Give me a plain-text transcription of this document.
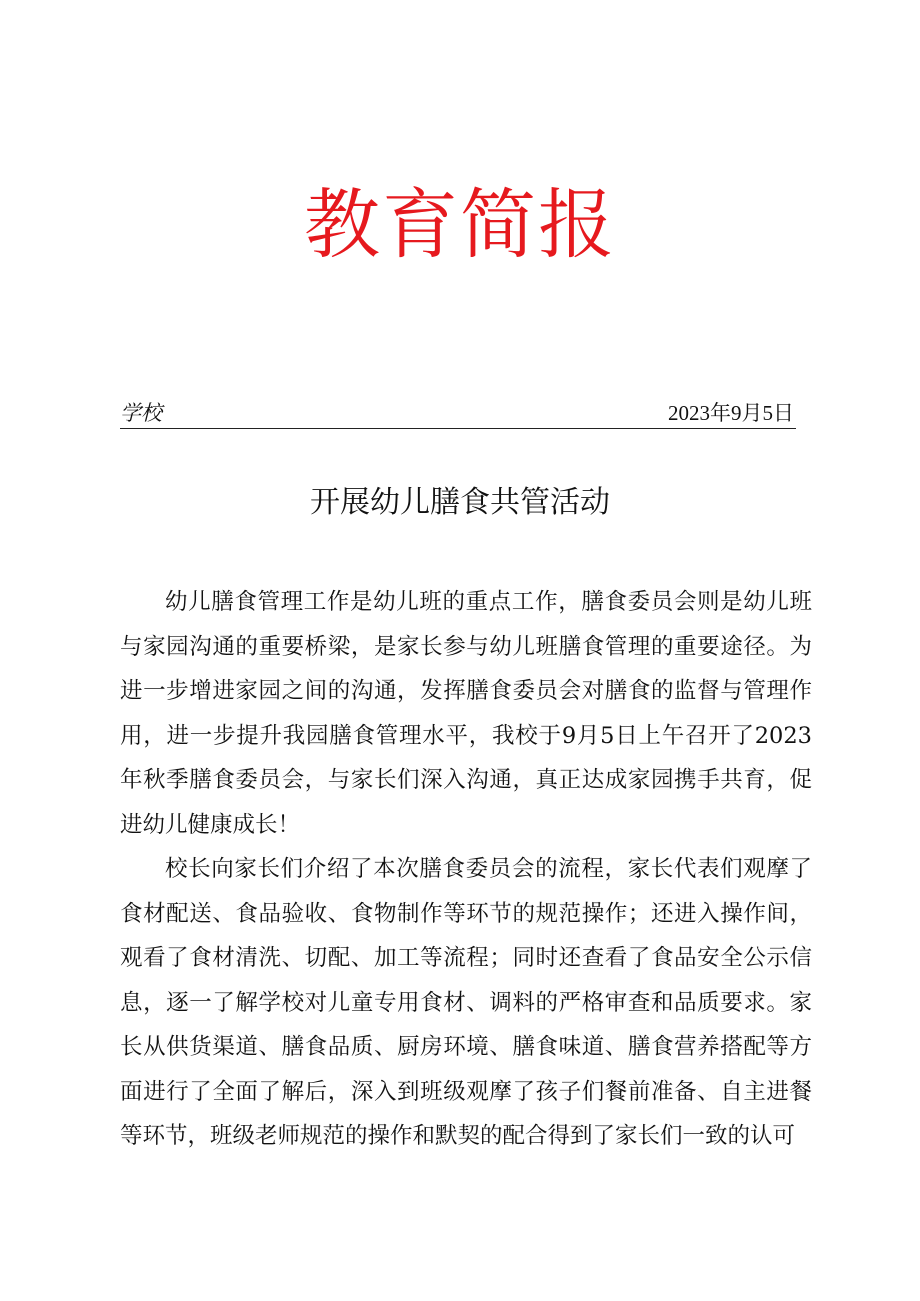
教育简报
学校	2023年9月5日
开展幼儿膳食共管活动

幼儿膳食管理工作是幼儿班的重点工作，膳食委员会则是幼儿班与家园沟通的重要桥梁，是家长参与幼儿班膳食管理的重要途径。为进一步增进家园之间的沟通，发挥膳食委员会对膳食的监督与管理作用，进一步提升我园膳食管理水平，我校于9月5日上午召开了2023年秋季膳食委员会，与家长们深入沟通，真正达成家园携手共育，促进幼儿健康成长！

校长向家长们介绍了本次膳食委员会的流程，家长代表们观摩了食材配送、食品验收、食物制作等环节的规范操作；还进入操作间，观看了食材清洗、切配、加工等流程；同时还查看了食品安全公示信息，逐一了解学校对儿童专用食材、调料的严格审查和品质要求。家长从供货渠道、膳食品质、厨房环境、膳食味道、膳食营养搭配等方面进行了全面了解后，深入到班级观摩了孩子们餐前准备、自主进餐等环节，班级老师规范的操作和默契的配合得到了家长们一致的认可
